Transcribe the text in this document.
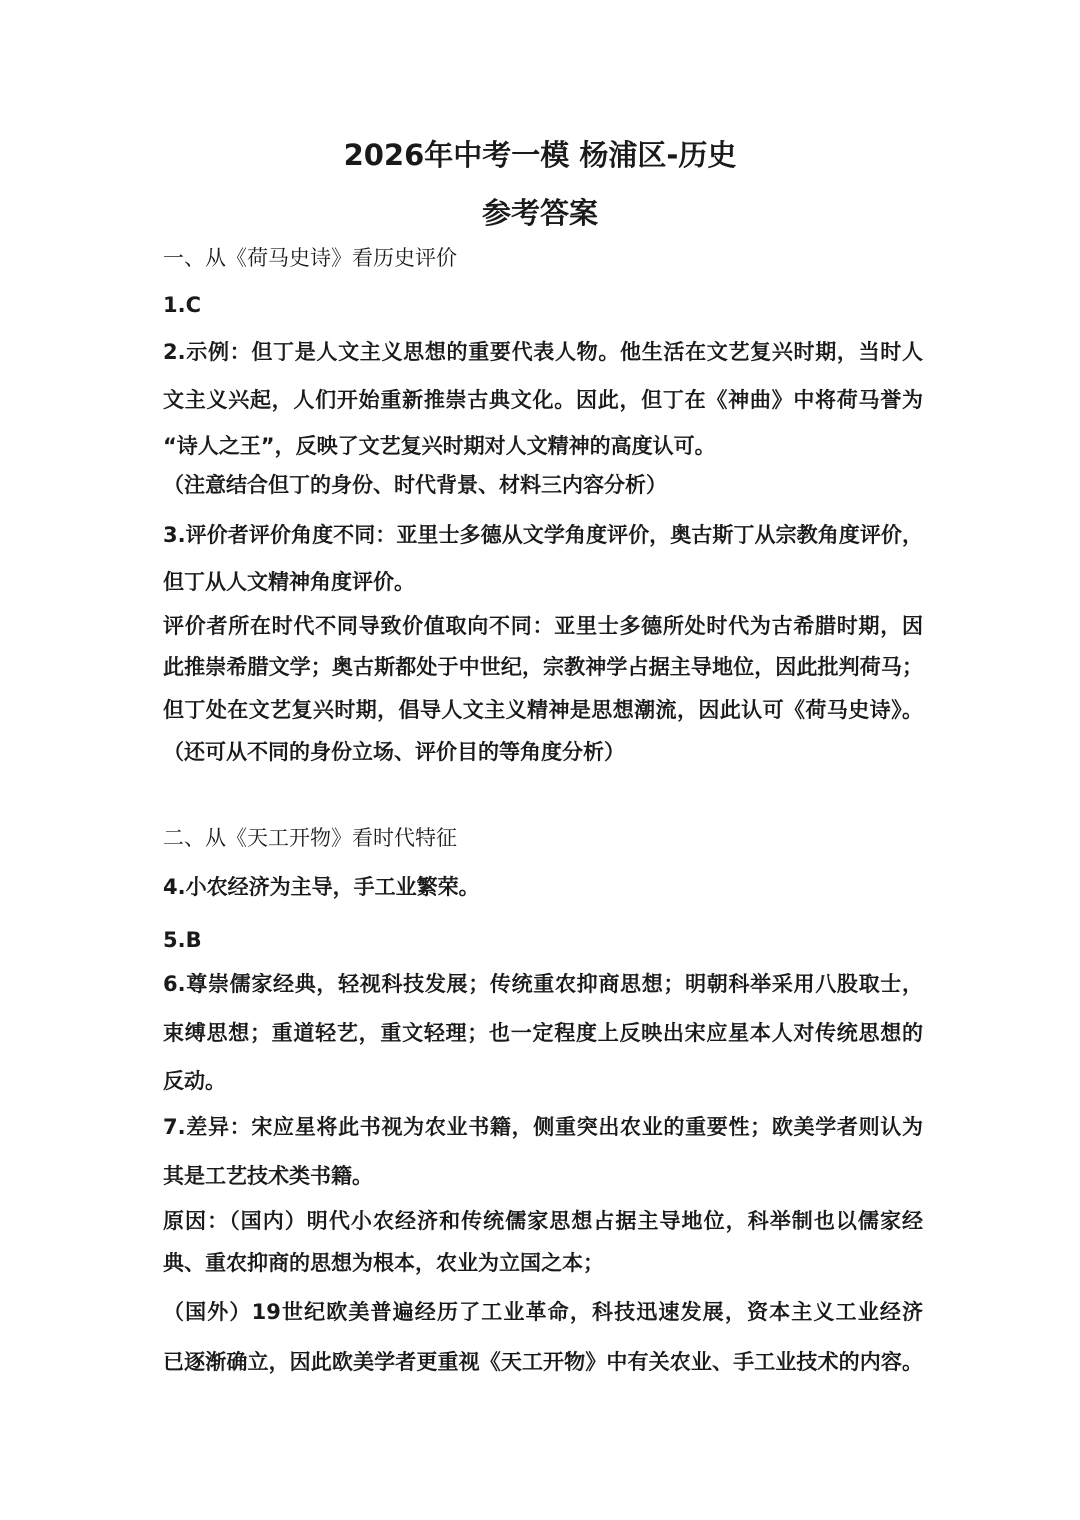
2026年中考一模 杨浦区-历史
参考答案
一、从《荷马史诗》看历史评价
1.C
2.示例：但丁是人文主义思想的重要代表人物。他生活在文艺复兴时期，当时人
文主义兴起，人们开始重新推崇古典文化。因此，但丁在《神曲》中将荷马誉为
“诗人之王”，反映了文艺复兴时期对人文精神的高度认可。
（注意结合但丁的身份、时代背景、材料三内容分析）
3.评价者评价角度不同：亚里士多德从文学角度评价，奥古斯丁从宗教角度评价，
但丁从人文精神角度评价。
评价者所在时代不同导致价值取向不同：亚里士多德所处时代为古希腊时期，因
此推崇希腊文学；奥古斯都处于中世纪，宗教神学占据主导地位，因此批判荷马；
但丁处在文艺复兴时期，倡导人文主义精神是思想潮流，因此认可《荷马史诗》。
（还可从不同的身份立场、评价目的等角度分析）
二、从《天工开物》看时代特征
4.小农经济为主导，手工业繁荣。
5.B
6.尊崇儒家经典，轻视科技发展；传统重农抑商思想；明朝科举采用八股取士，
束缚思想；重道轻艺，重文轻理；也一定程度上反映出宋应星本人对传统思想的
反动。
7.差异：宋应星将此书视为农业书籍，侧重突出农业的重要性；欧美学者则认为
其是工艺技术类书籍。
原因：（国内）明代小农经济和传统儒家思想占据主导地位，科举制也以儒家经
典、重农抑商的思想为根本，农业为立国之本；
（国外）19世纪欧美普遍经历了工业革命，科技迅速发展，资本主义工业经济
已逐渐确立，因此欧美学者更重视《天工开物》中有关农业、手工业技术的内容。
